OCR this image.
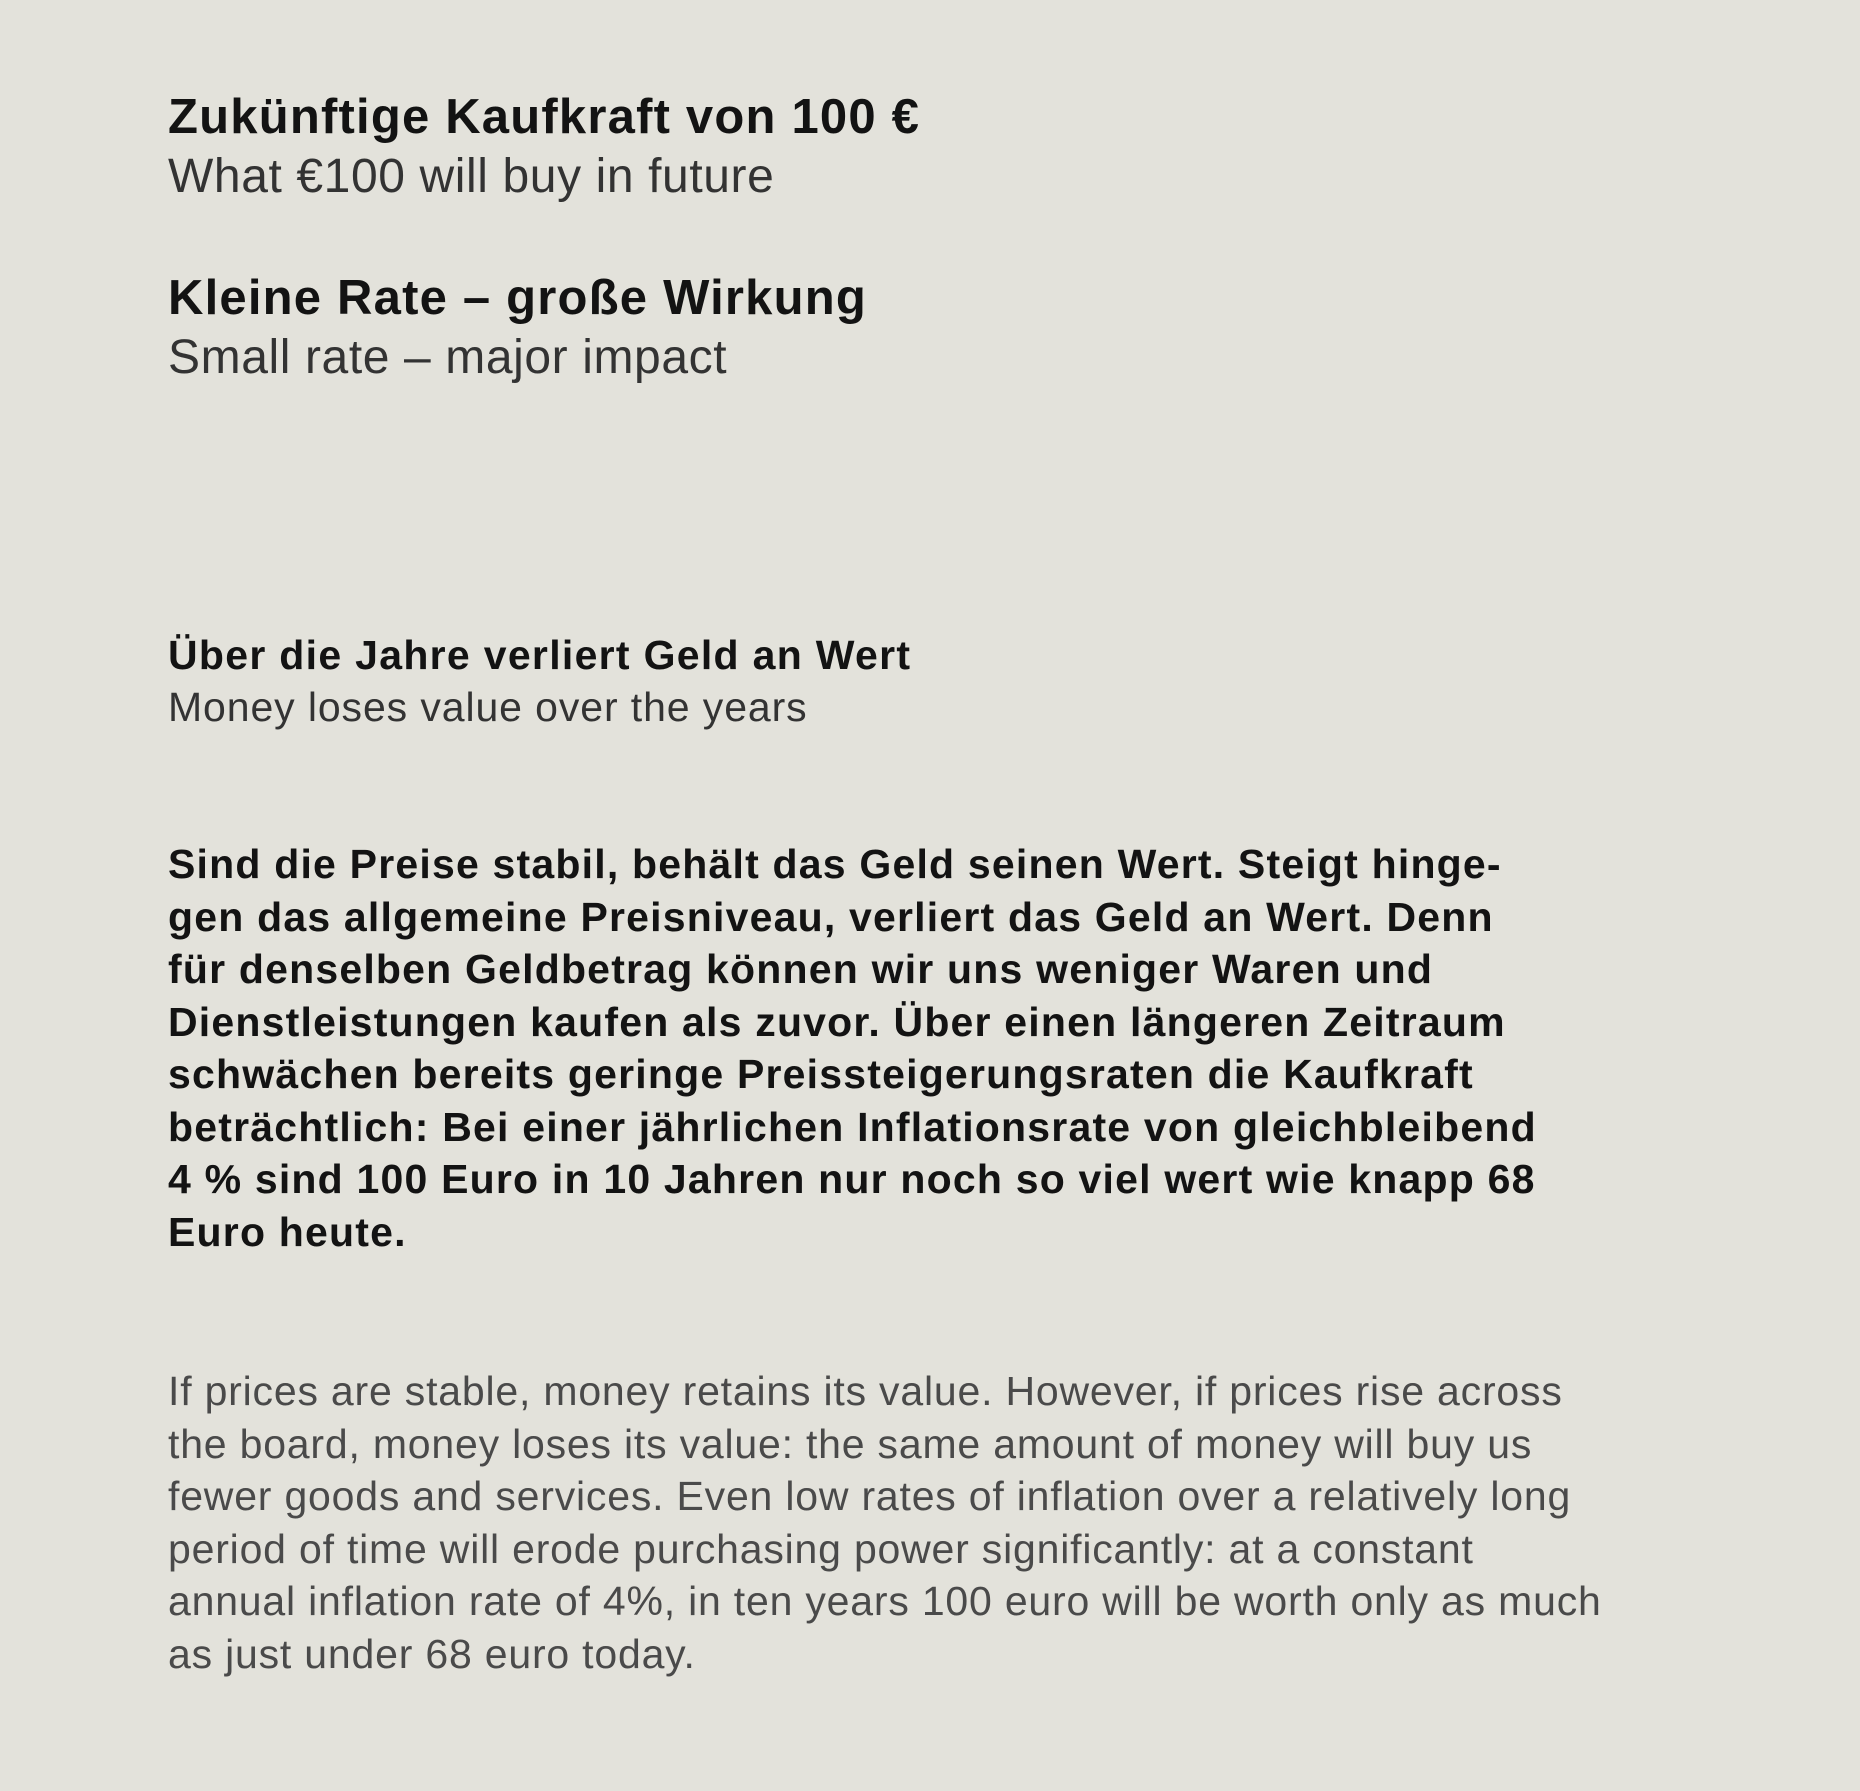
Zukünftige Kaufkraft von 100 €
What €100 will buy in future
Kleine Rate – große Wirkung
Small rate – major impact
Über die Jahre verliert Geld an Wert
Money loses value over the years
Sind die Preise stabil, behält das Geld seinen Wert. Steigt hinge-
gen das allgemeine Preisniveau, verliert das Geld an Wert. Denn
für denselben Geldbetrag können wir uns weniger Waren und
Dienstleistungen kaufen als zuvor. Über einen längeren Zeitraum
schwächen bereits geringe Preissteigerungsraten die Kaufkraft
beträchtlich: Bei einer jährlichen Inflationsrate von gleichbleibend
4 % sind 100 Euro in 10 Jahren nur noch so viel wert wie knapp 68
Euro heute.
If prices are stable, money retains its value. However, if prices rise across
the board, money loses its value: the same amount of money will buy us
fewer goods and services. Even low rates of inflation over a relatively long
period of time will erode purchasing power significantly: at a constant
annual inflation rate of 4%, in ten years 100 euro will be worth only as much
as just under 68 euro today.
